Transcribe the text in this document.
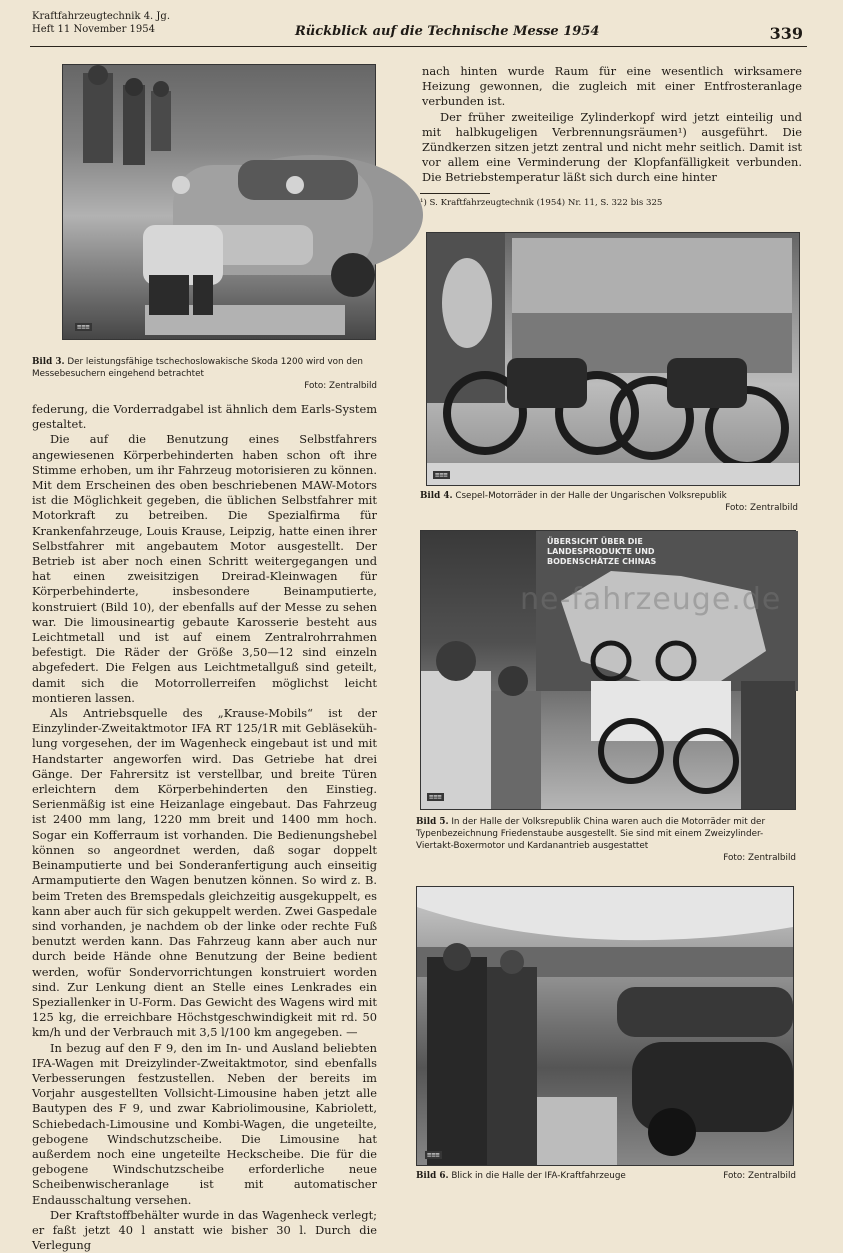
Kraftfahrzeugtechnik 4. Jg.
Heft 11 November 1954	Rückblick auf die Technische Messe 1954	339
≡≡≡
Bild 3. Der leistungsfähige tschechoslowakische Skoda 1200 wird von den Messebesuchern eingehend betrachtet
Foto: Zentralbild

nach hinten wurde Raum für eine wesentlich wirksamere Heizung gewonnen, die zugleich mit einer Entfrosteranlage verbunden ist.

Der früher zweiteilige Zylinderkopf wird jetzt einteilig und mit halbkugeligen Verbrennungsräumen¹) ausgeführt. Die Zündkerzen sitzen jetzt zentral und nicht mehr seitlich. Damit ist vor allem eine Verminderung der Klopfanfälligkeit verbunden. Die Betriebstemperatur läßt sich durch eine hinter

¹) S. Kraftfahrzeugtechnik (1954) Nr. 11, S. 322 bis 325
≡≡≡
Bild 4. Csepel-Motorräder in der Halle der Ungarischen Volksrepublik
Foto: Zentralbild
ÜBERSICHT ÜBER DIE LANDESPRODUKTE UND BODENSCHÄTZE CHINAS
≡≡≡
ne-fahrzeuge.de
Bild 5. In der Halle der Volksrepublik China waren auch die Motorräder mit der Typenbezeichnung Friedenstaube ausgestellt. Sie sind mit einem Zweizylinder-Viertakt-Boxermotor und Kardanantrieb ausgestattet
Foto: Zentralbild
≡≡≡
Bild 6. Blick in die Halle der IFA-Kraftfahrzeuge	Foto: Zentralbild

federung, die Vorderradgabel ist ähnlich dem Earls-System gestaltet.

Die auf die Benutzung eines Selbstfahrers angewiesenen Körperbehinderten haben schon oft ihre Stimme erhoben, um ihr Fahrzeug motorisieren zu können. Mit dem Erscheinen des oben beschriebenen MAW-Motors ist die Möglichkeit gegeben, die üblichen Selbstfahrer mit Motorkraft zu betreiben. Die Spezialfirma für Krankenfahrzeuge, Louis Krause, Leipzig, hatte einen ihrer Selbstfahrer mit angebautem Motor ausgestellt. Der Betrieb ist aber noch einen Schritt weitergegangen und hat einen zweisitzigen Dreirad-Kleinwagen für Körperbehinderte, insbesondere Beinamputierte, konstruiert (Bild 10), der ebenfalls auf der Messe zu sehen war. Die limousineartig gebaute Karosserie besteht aus Leichtmetall und ist auf einem Zentralrohrrahmen befestigt. Die Räder der Größe 3,50—12 sind einzeln abgefedert. Die Felgen aus Leichtmetallguß sind geteilt, damit sich die Motorrollerreifen möglichst leicht montieren lassen.

Als Antriebsquelle des „Krause-Mobils“ ist der Einzylinder-Zweitaktmotor IFA RT 125/1R mit Gebläsekühlung vorgesehen, der im Wagenheck eingebaut ist und mit Handstarter angeworfen wird. Das Getriebe hat drei Gänge. Der Fahrersitz ist verstellbar, und breite Türen erleichtern dem Körperbehinderten den Einstieg. Serienmäßig ist eine Heizanlage eingebaut. Das Fahrzeug ist 2400 mm lang, 1220 mm breit und 1400 mm hoch. Sogar ein Kofferraum ist vorhanden. Die Bedienungshebel können so angeordnet werden, daß sogar doppelt Beinamputierte und bei Sonderanfertigung auch einseitig Armamputierte den Wagen benutzen können. So wird z. B. beim Treten des Bremspedals gleichzeitig ausgekuppelt, es kann aber auch für sich gekuppelt werden. Zwei Gaspedale sind vorhanden, je nachdem ob der linke oder rechte Fuß benutzt werden kann. Das Fahrzeug kann aber auch nur durch beide Hände ohne Benutzung der Beine bedient werden, wofür Sondervorrichtungen konstruiert worden sind. Zur Lenkung dient an Stelle eines Lenkrades ein Speziallenker in U-Form. Das Gewicht des Wagens wird mit 125 kg, die erreichbare Höchstgeschwindigkeit mit rd. 50 km/h und der Verbrauch mit 3,5 l/100 km angegeben. —

In bezug auf den F 9, den im In- und Ausland beliebten IFA-Wagen mit Dreizylinder-Zweitaktmotor, sind ebenfalls Verbesserungen festzustellen. Neben der bereits im Vorjahr ausgestellten Vollsicht-Limousine haben jetzt alle Bautypen des F 9, und zwar Kabriolimousine, Kabriolett, Schiebedach-Limousine und Kombi-Wagen, die ungeteilte, gebogene Windschutzscheibe. Die Limousine hat außerdem noch eine ungeteilte Heckscheibe. Die für die gebogene Windschutzscheibe erforderliche neue Scheibenwischeranlage ist mit automatischer Endausschaltung versehen.

Der Kraftstoffbehälter wurde in das Wagenheck verlegt; er faßt jetzt 40 l anstatt wie bisher 30 l. Durch die Verlegung
